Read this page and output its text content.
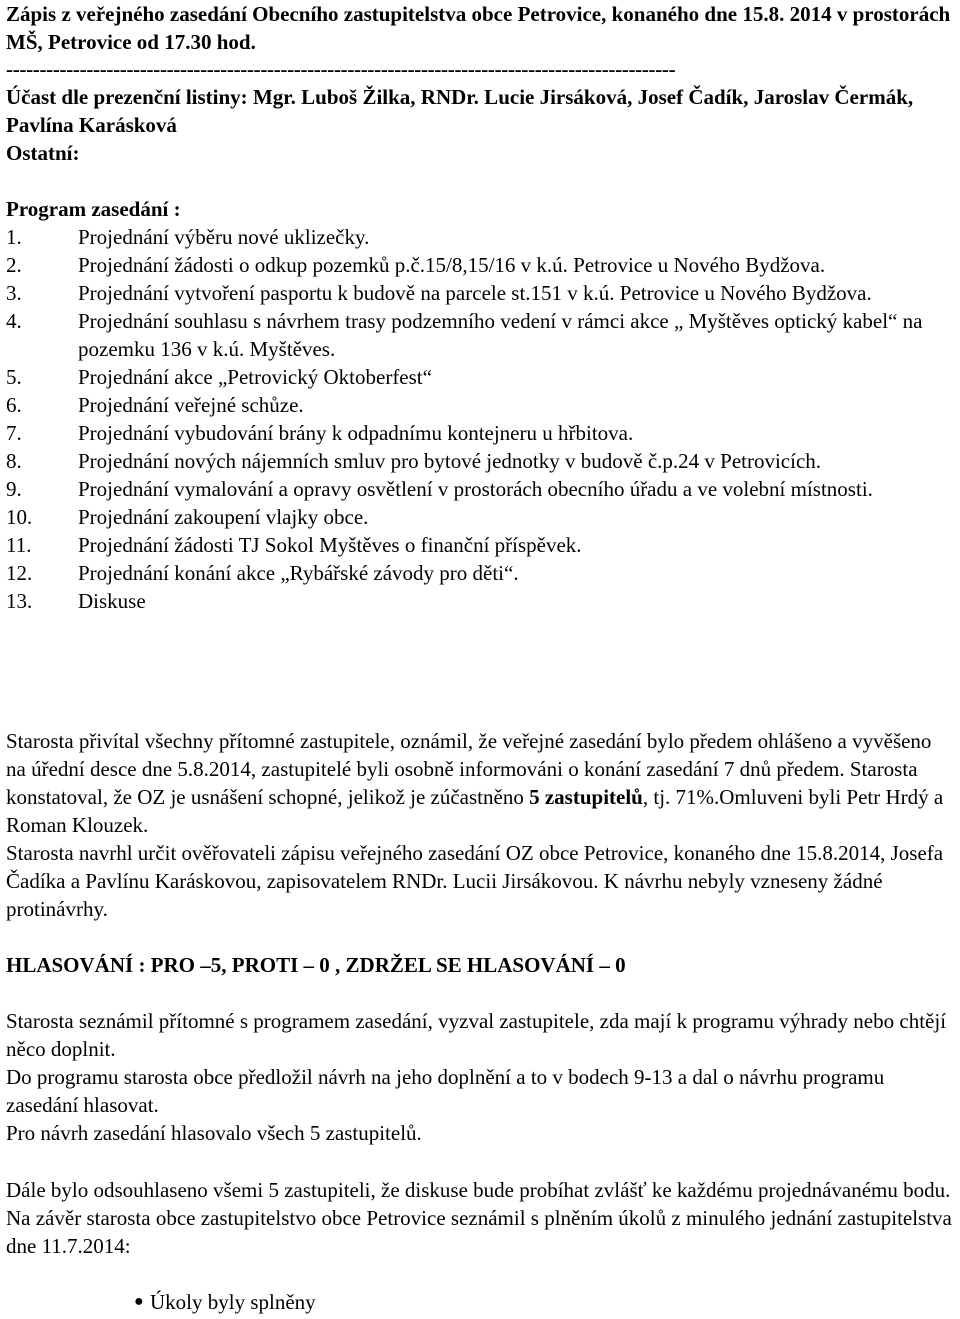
Zápis z veřejného zasedání Obecního zastupitelstva obce Petrovice, konaného dne 15.8. 2014 v prostorách MŠ, Petrovice od 17.30 hod.
----------------------------------------------------------------------------------------------------
Účast dle prezenční listiny: Mgr. Luboš Žilka, RNDr. Lucie Jirsáková, Josef Čadík, Jaroslav Čermák, Pavlína Karásková
Ostatní:
Program zasedání :
1.	Projednání výběru nové uklizečky.
2.	Projednání žádosti o odkup pozemků p.č.15/8,15/16 v k.ú. Petrovice u Nového Bydžova.
3.	Projednání vytvoření pasportu k budově na parcele st.151 v k.ú. Petrovice u Nového Bydžova.
4.	Projednání souhlasu s návrhem trasy podzemního vedení v rámci akce „ Myštěves optický kabel“ na pozemku 136 v k.ú. Myštěves.
5.	Projednání akce „Petrovický Oktoberfest“
6.	Projednání veřejné schůze.
7.	Projednání vybudování brány k odpadnímu kontejneru u hřbitova.
8.	Projednání nových nájemních smluv pro bytové jednotky v budově č.p.24 v Petrovicích.
9.	Projednání vymalování a opravy osvětlení v prostorách obecního úřadu a ve volební místnosti.
10.	Projednání zakoupení vlajky obce.
11.	Projednání žádosti TJ Sokol Myštěves o finanční příspěvek.
12.	Projednání konání akce „Rybářské závody pro děti“.
13.	Diskuse

Starosta přivítal všechny přítomné zastupitele, oznámil, že veřejné zasedání bylo předem ohlášeno a vyvěšeno na úřední desce dne 5.8.2014, zastupitelé byli osobně informováni o konání zasedání 7 dnů předem. Starosta konstatoval, že OZ je usnášení schopné, jelikož je zúčastněno 5 zastupitelů, tj. 71%.Omluveni byli Petr Hrdý a Roman Klouzek.

Starosta navrhl určit ověřovateli zápisu veřejného zasedání OZ obce Petrovice, konaného dne 15.8.2014, Josefa Čadíka a Pavlínu Karáskovou, zapisovatelem RNDr. Lucii Jirsákovou. K návrhu nebyly vzneseny žádné protinávrhy.

HLASOVÁNÍ : PRO –5, PROTI – 0 , ZDRŽEL SE HLASOVÁNÍ – 0

Starosta seznámil přítomné s programem zasedání, vyzval zastupitele, zda mají k programu výhrady nebo chtějí něco doplnit.

Do programu starosta obce předložil návrh na jeho doplnění a to v bodech 9-13 a dal o návrhu programu zasedání hlasovat.

Pro návrh zasedání hlasovalo všech 5 zastupitelů.

Dále bylo odsouhlaseno všemi 5 zastupiteli, že diskuse bude probíhat zvlášť ke každému projednávanému bodu.

Na závěr starosta obce zastupitelstvo obce Petrovice seznámil s plněním úkolů z minulého jednání zastupitelstva dne 11.7.2014:

● Úkoly byly splněny
